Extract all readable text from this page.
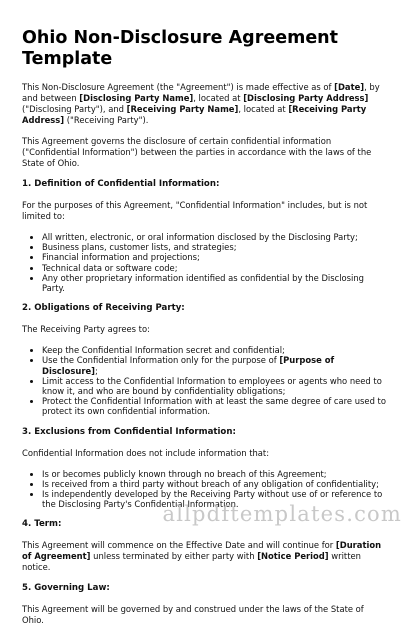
Ohio Non-Disclosure Agreement Template

This Non-Disclosure Agreement (the "Agreement") is made effective as of [Date], by and between [Disclosing Party Name], located at [Disclosing Party Address] ("Disclosing Party"), and [Receiving Party Name], located at [Receiving Party Address] ("Receiving Party").

This Agreement governs the disclosure of certain confidential information ("Confidential Information") between the parties in accordance with the laws of the State of Ohio.

1. Definition of Confidential Information:

For the purposes of this Agreement, "Confidential Information" includes, but is not limited to:

• All written, electronic, or oral information disclosed by the Disclosing Party;
• Business plans, customer lists, and strategies;
• Financial information and projections;
• Technical data or software code;
• Any other proprietary information identified as confidential by the Disclosing Party.
2. Obligations of Receiving Party:

The Receiving Party agrees to:

• Keep the Confidential Information secret and confidential;
• Use the Confidential Information only for the purpose of [Purpose of Disclosure];
• Limit access to the Confidential Information to employees or agents who need to know it, and who are bound by confidentiality obligations;
• Protect the Confidential Information with at least the same degree of care used to protect its own confidential information.
3. Exclusions from Confidential Information:

Confidential Information does not include information that:

• Is or becomes publicly known through no breach of this Agreement;
• Is received from a third party without breach of any obligation of confidentiality;
• Is independently developed by the Receiving Party without use of or reference to the Disclosing Party's Confidential Information.
4. Term:

This Agreement will commence on the Effective Date and will continue for [Duration of Agreement] unless terminated by either party with [Notice Period] written notice.

5. Governing Law:

This Agreement will be governed by and construed under the laws of the State of Ohio.

allpdftemplates.com
